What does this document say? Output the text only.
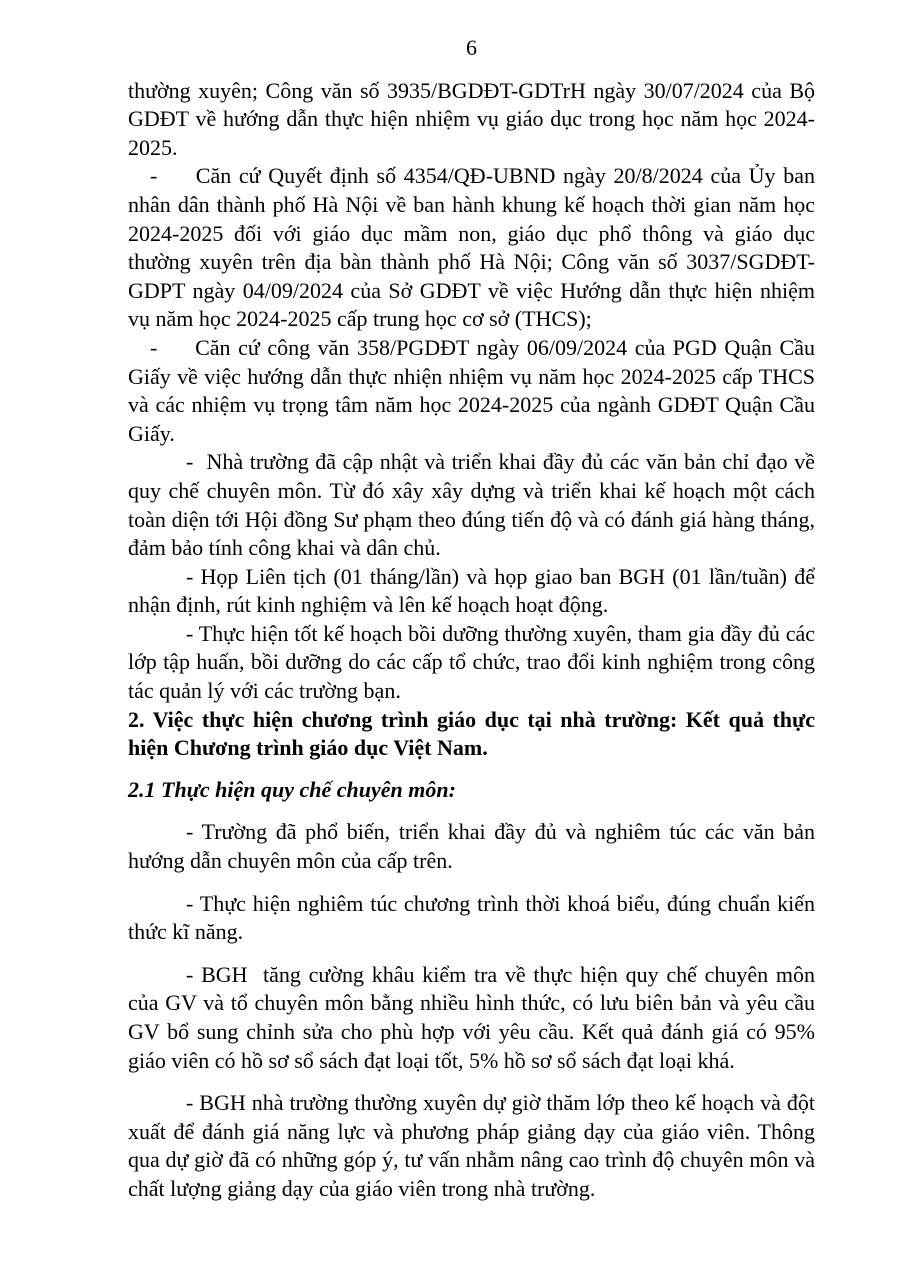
6

thường xuyên; Công văn số 3935/BGDĐT-GDTrH ngày 30/07/2024 của Bộ GDĐT về hướng dẫn thực hiện nhiệm vụ giáo dục trong học năm học 2024-2025.

-     Căn cứ Quyết định số 4354/QĐ-UBND ngày 20/8/2024 của Ủy ban nhân dân thành phố Hà Nội về ban hành khung kế hoạch thời gian năm học 2024-2025 đối với giáo dục mầm non, giáo dục phổ thông và giáo dục thường xuyên trên địa bàn thành phố Hà Nội; Công văn số 3037/SGDĐT-GDPT ngày 04/09/2024 của Sở GDĐT về việc Hướng dẫn thực hiện nhiệm vụ năm học 2024-2025 cấp trung học cơ sở (THCS);

-     Căn cứ công văn 358/PGDĐT ngày 06/09/2024 của PGD Quận Cầu Giấy về việc hướng dẫn thực nhiện nhiệm vụ năm học 2024-2025 cấp THCS và các nhiệm vụ trọng tâm năm học 2024-2025 của ngành GDĐT Quận Cầu Giấy.

-  Nhà trường đã cập nhật và triển khai đầy đủ các văn bản chỉ đạo về quy chế chuyên môn. Từ đó xây xây dựng và triển khai kế hoạch một cách toàn diện tới Hội đồng Sư phạm theo đúng tiến độ và có đánh giá hàng tháng, đảm bảo tính công khai và dân chủ.

- Họp Liên tịch (01 tháng/lần) và họp giao ban BGH (01 lần/tuần) để nhận định, rút kinh nghiệm và lên kế hoạch hoạt động.

- Thực hiện tốt kế hoạch bồi dưỡng thường xuyên, tham gia đầy đủ các lớp tập huấn, bồi dưỡng do các cấp tổ chức, trao đổi kinh nghiệm trong công tác quản lý với các trường bạn.

2. Việc thực hiện chương trình giáo dục tại nhà trường: Kết quả thực hiện Chương trình giáo dục Việt Nam.

2.1 Thực hiện quy chế chuyên môn:

- Trường đã phổ biến, triển khai đầy đủ và nghiêm túc các văn bản hướng dẫn chuyên môn của cấp trên.

- Thực hiện nghiêm túc chương trình thời khoá biểu, đúng chuẩn kiến thức kĩ năng.

- BGH  tăng cường khâu kiểm tra về thực hiện quy chế chuyên môn của GV và tổ chuyên môn bằng nhiều hình thức, có lưu biên bản và yêu cầu GV bổ sung chỉnh sửa cho phù hợp với yêu cầu. Kết quả đánh giá có 95% giáo viên có hồ sơ sổ sách đạt loại tốt, 5% hồ sơ sổ sách đạt loại khá.

- BGH nhà trường thường xuyên dự giờ thăm lớp theo kế hoạch và đột xuất để đánh giá năng lực và phương pháp giảng dạy của giáo viên. Thông qua dự giờ đã có những góp ý, tư vấn nhằm nâng cao trình độ chuyên môn và chất lượng giảng dạy của giáo viên trong nhà trường.
